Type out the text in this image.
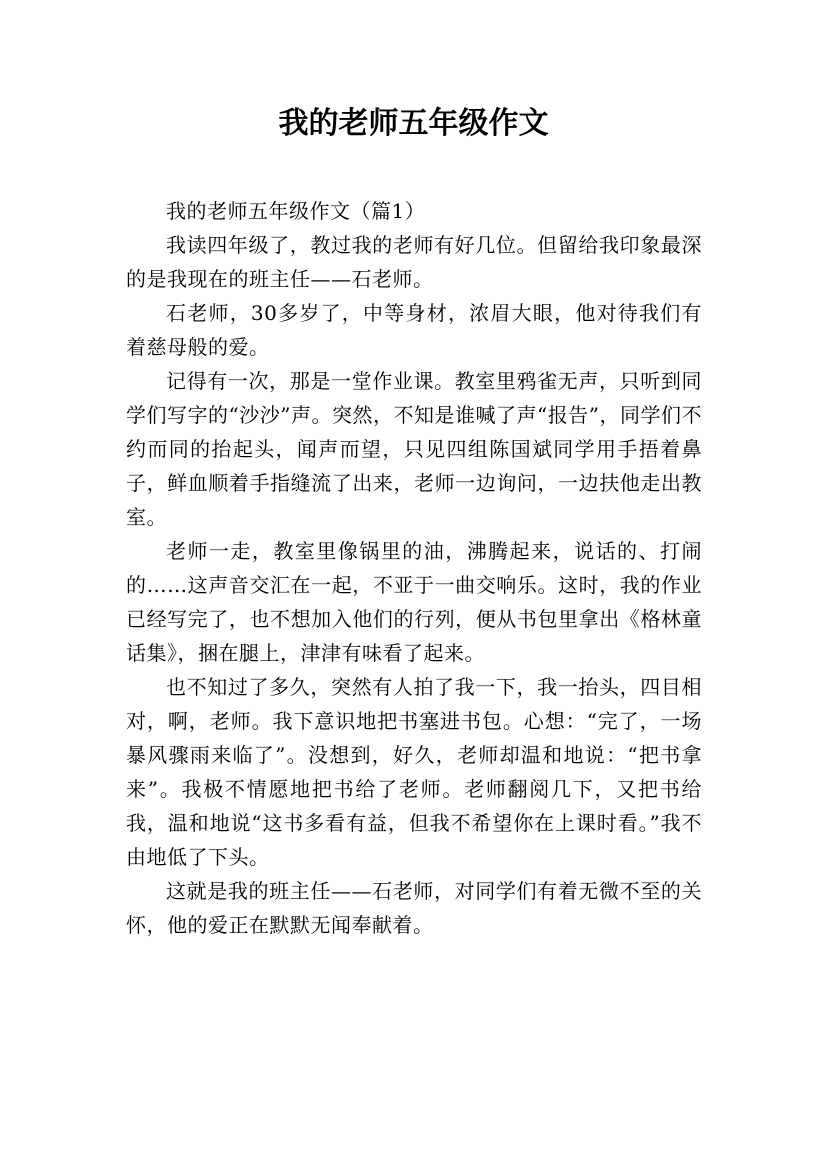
我的老师五年级作文

我的老师五年级作文（篇1）

我读四年级了，教过我的老师有好几位。但留给我印象最深的是我现在的班主任——石老师。

石老师，30多岁了，中等身材，浓眉大眼，他对待我们有着慈母般的爱。

记得有一次，那是一堂作业课。教室里鸦雀无声，只听到同学们写字的“沙沙”声。突然，不知是谁喊了声“报告”，同学们不约而同的抬起头，闻声而望，只见四组陈国斌同学用手捂着鼻子，鲜血顺着手指缝流了出来，老师一边询问，一边扶他走出教室。

老师一走，教室里像锅里的油，沸腾起来，说话的、打闹的……这声音交汇在一起，不亚于一曲交响乐。这时，我的作业已经写完了，也不想加入他们的行列，便从书包里拿出《格林童话集》，捆在腿上，津津有味看了起来。

也不知过了多久，突然有人拍了我一下，我一抬头，四目相对，啊，老师。我下意识地把书塞进书包。心想：“完了，一场暴风骤雨来临了”。没想到，好久，老师却温和地说：“把书拿来”。我极不情愿地把书给了老师。老师翻阅几下，又把书给我，温和地说“这书多看有益，但我不希望你在上课时看。”我不由地低了下头。

这就是我的班主任——石老师，对同学们有着无微不至的关怀，他的爱正在默默无闻奉献着。
